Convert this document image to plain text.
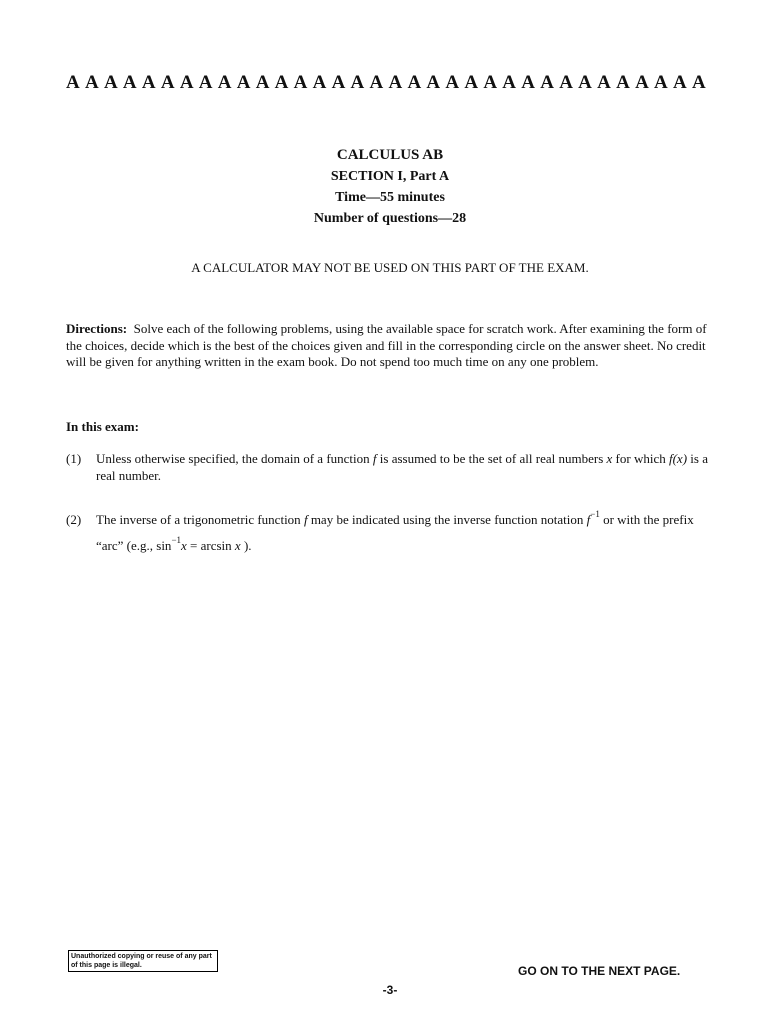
A A A A A A A A A A A A A A A A A A A A A A A A A A A A A A A A A A
CALCULUS AB
SECTION I, Part A
Time—55 minutes
Number of questions—28
A CALCULATOR MAY NOT BE USED ON THIS PART OF THE EXAM.
Directions: Solve each of the following problems, using the available space for scratch work. After examining the form of the choices, decide which is the best of the choices given and fill in the corresponding circle on the answer sheet. No credit will be given for anything written in the exam book. Do not spend too much time on any one problem.
In this exam:
(1) Unless otherwise specified, the domain of a function f is assumed to be the set of all real numbers x for which f(x) is a real number.
(2) The inverse of a trigonometric function f may be indicated using the inverse function notation $f^{-1}$ or with the prefix “arc” (e.g., $\sin^{-1}x = \arcsin x$ ).
Unauthorized copying or reuse of any part of this page is illegal.	GO ON TO THE NEXT PAGE.
-3-
